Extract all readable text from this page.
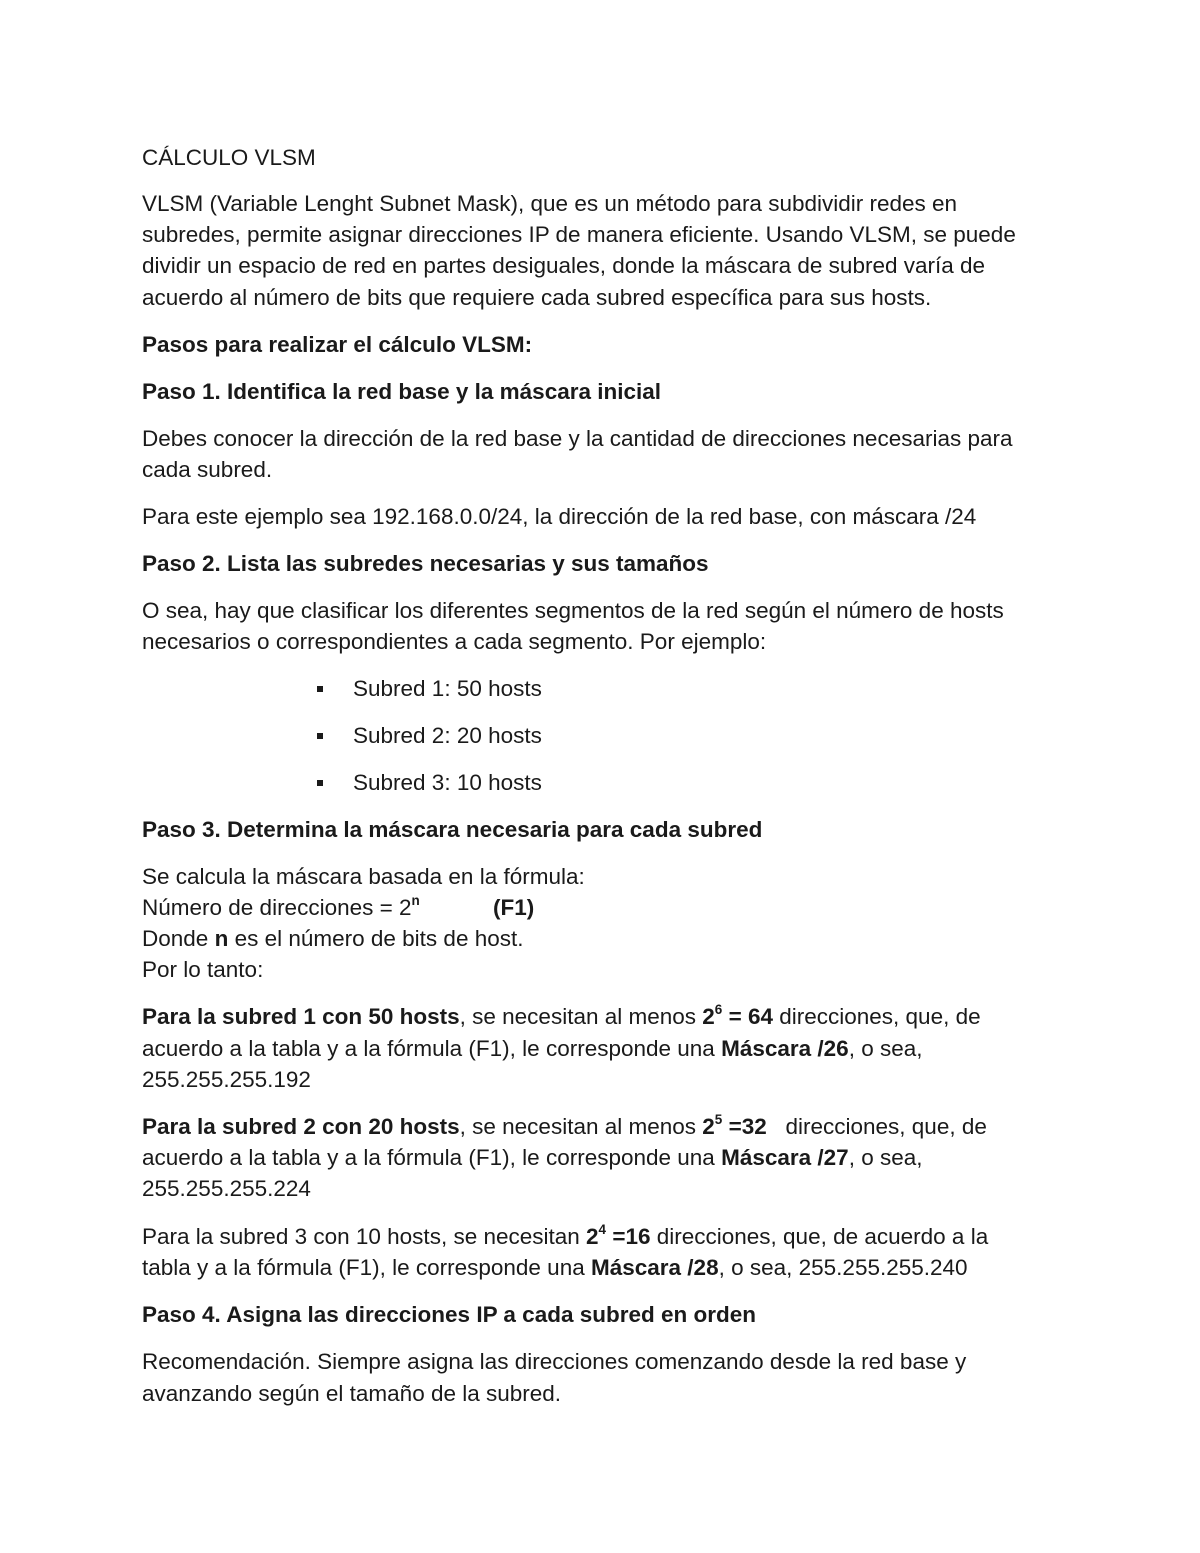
CÁLCULO VLSM
VLSM (Variable Lenght Subnet Mask), que es un método para subdividir redes en
subredes, permite asignar direcciones IP de manera eficiente. Usando VLSM, se puede
dividir un espacio de red en partes desiguales, donde la máscara de subred varía de
acuerdo al número de bits que requiere cada subred específica para sus hosts.
Pasos para realizar el cálculo VLSM:
Paso 1. Identifica la red base y la máscara inicial
Debes conocer la dirección de la red base y la cantidad de direcciones necesarias para
cada subred.
Para este ejemplo sea 192.168.0.0/24, la dirección de la red base, con máscara /24
Paso 2. Lista las subredes necesarias y sus tamaños
O sea, hay que clasificar los diferentes segmentos de la red según el número de hosts
necesarios o correspondientes a cada segmento. Por ejemplo:
Subred 1: 50 hosts
Subred 2: 20 hosts
Subred 3: 10 hosts
Paso 3. Determina la máscara necesaria para cada subred
Se calcula la máscara basada en la fórmula:
Número de direcciones = $2^n$	(F1)
Donde n es el número de bits de host.
Por lo tanto:
Para la subred 1 con 50 hosts, se necesitan al menos $2^6 = 64$ direcciones, que, de
acuerdo a la tabla y a la fórmula (F1), le corresponde una Máscara /26, o sea,
255.255.255.192
Para la subred 2 con 20 hosts, se necesitan al menos $2^5 =32$   direcciones, que, de
acuerdo a la tabla y a la fórmula (F1), le corresponde una Máscara /27, o sea,
255.255.255.224
Para la subred 3 con 10 hosts, se necesitan $2^4 =16$ direcciones, que, de acuerdo a la
tabla y a la fórmula (F1), le corresponde una Máscara /28, o sea, 255.255.255.240
Paso 4. Asigna las direcciones IP a cada subred en orden
Recomendación. Siempre asigna las direcciones comenzando desde la red base y
avanzando según el tamaño de la subred.
